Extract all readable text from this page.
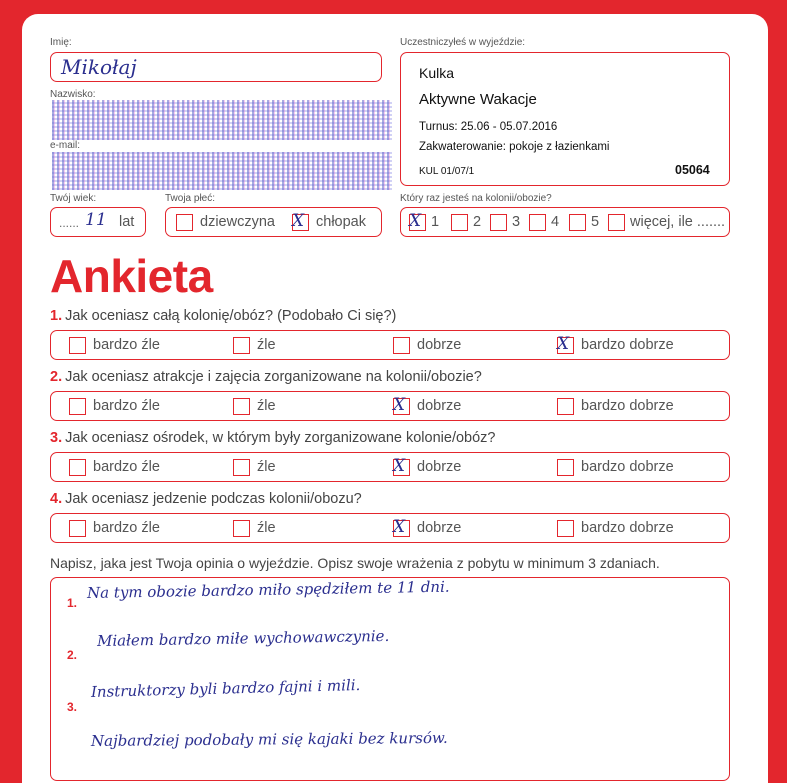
Imię:
Mikołaj
Nazwisko:
e-mail:
Twój wiek:
...... 11 lat
Twoja płeć:
dziewczyna X chłopak
Uczestniczyłeś w wyjeździe:
Kulka
Aktywne Wakacje
Turnus: 25.06 - 05.07.2016
Zakwaterowanie: pokoje z łazienkami
KUL 01/07/1	05064
Który raz jesteś na kolonii/obozie?
X 1 2 3 4 5 więcej, ile .......
Ankieta
1. Jak oceniasz całą kolonię/obóz? (Podobało Ci się?)
bardzo źle	źle	dobrze	X bardzo dobrze
2. Jak oceniasz atrakcje i zajęcia zorganizowane na kolonii/obozie?
bardzo źle	źle	X dobrze	bardzo dobrze
3. Jak oceniasz ośrodek, w którym były zorganizowane kolonie/obóz?
bardzo źle	źle	X dobrze	bardzo dobrze
4. Jak oceniasz jedzenie podczas kolonii/obozu?
bardzo źle	źle	X dobrze	bardzo dobrze
Napisz, jaka jest Twoja opinia o wyjeździe. Opisz swoje wrażenia z pobytu w minimum 3 zdaniach.
1.
Na tym obozie bardzo miło spędziłem te 11 dni.
2.
Miałem bardzo miłe wychowawczynie.
3.
Instruktorzy byli bardzo fajni i mili.
Najbardziej podobały mi się kajaki bez kursów.
